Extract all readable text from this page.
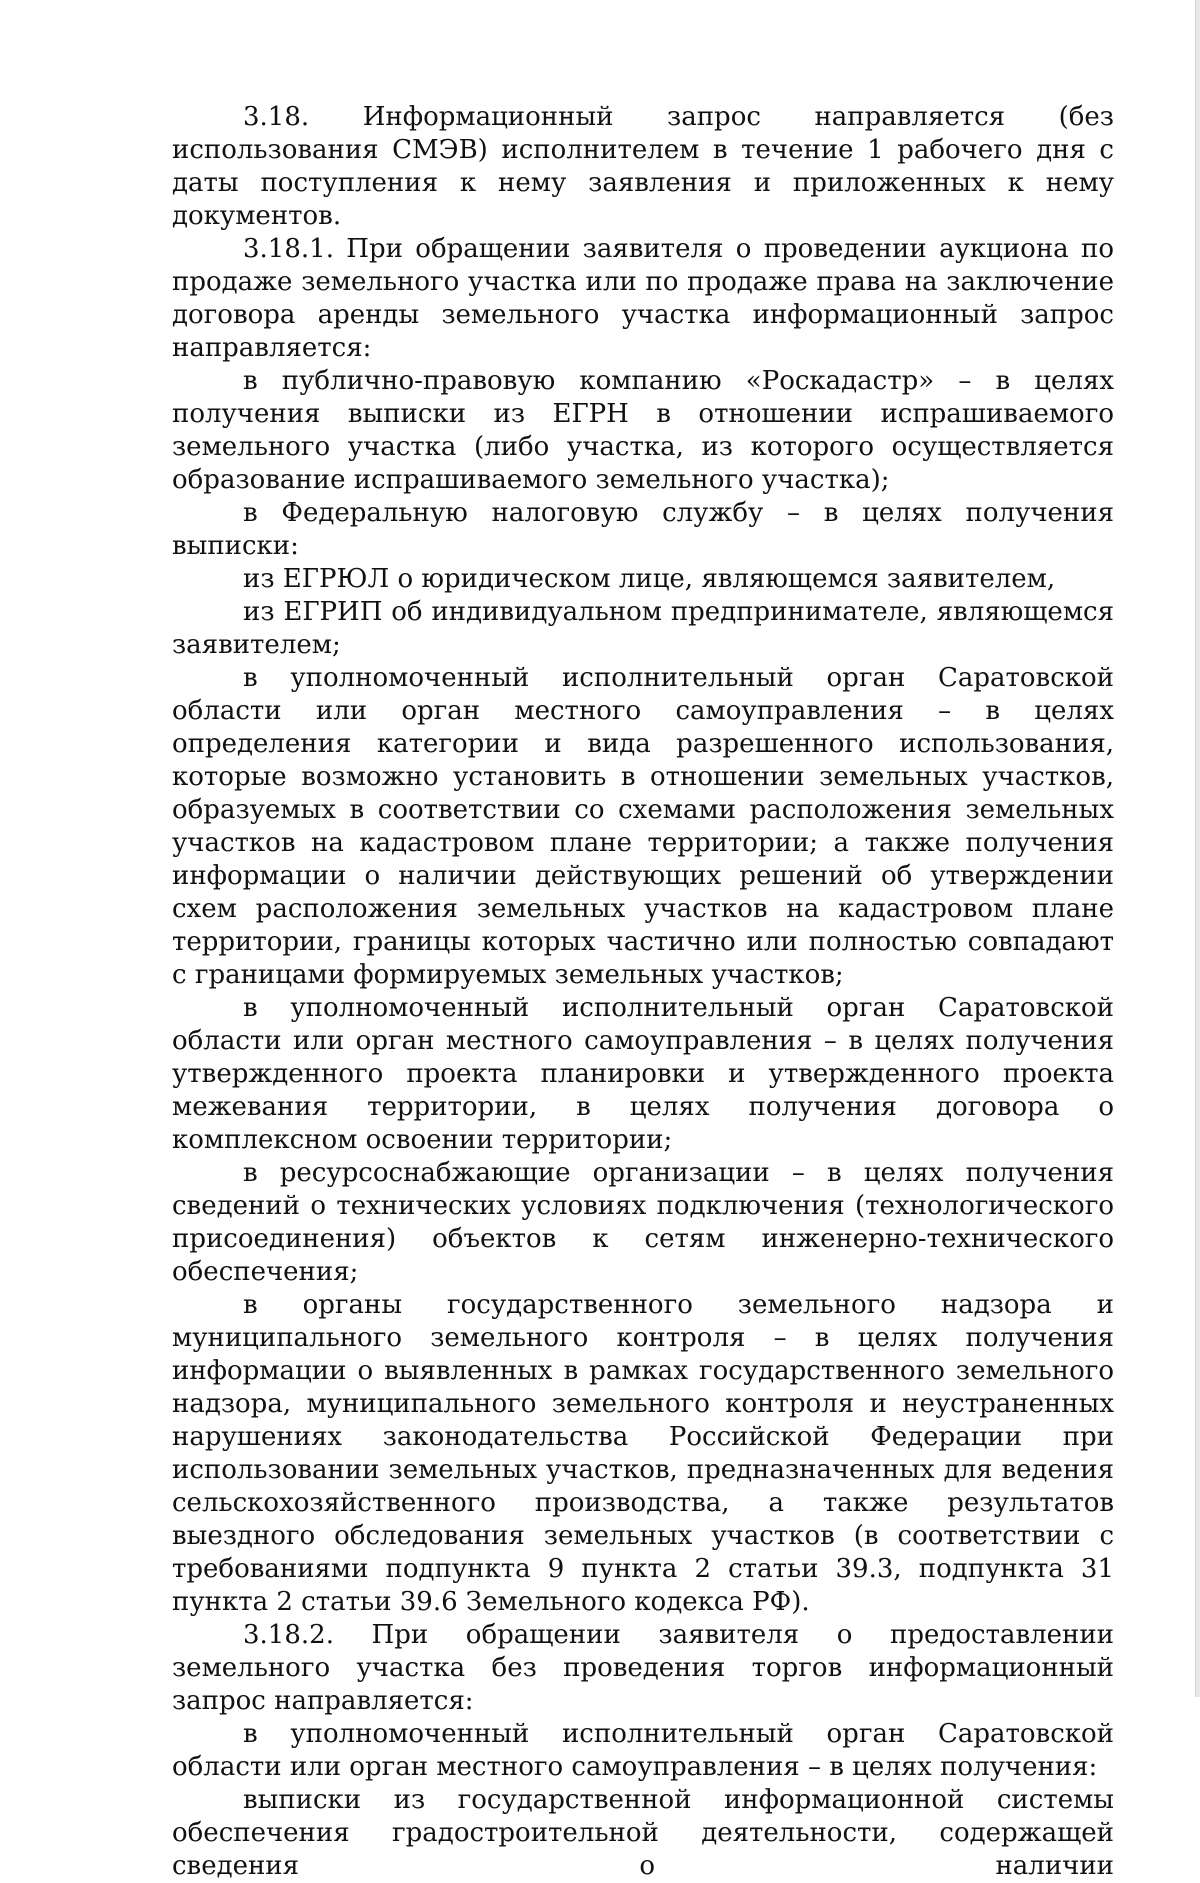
3.18. Информационный запрос направляется (без использования СМЭВ) исполнителем в течение 1 рабочего дня с даты поступления к нему заявления и приложенных к нему документов.

3.18.1. При обращении заявителя о проведении аукциона по продаже земельного участка или по продаже права на заключение договора аренды земельного участка информационный запрос направляется:

в публично-правовую компанию «Роскадастр» – в целях получения выписки из ЕГРН в отношении испрашиваемого земельного участка (либо участка, из которого осуществляется образование испрашиваемого земельного участка);

в Федеральную налоговую службу – в целях получения выписки:

из ЕГРЮЛ о юридическом лице, являющемся заявителем,

из ЕГРИП об индивидуальном предпринимателе, являющемся заявителем;

в уполномоченный исполнительный орган Саратовской области или орган местного самоуправления – в целях определения категории и вида разрешенного использования, которые возможно установить в отношении земельных участков, образуемых в соответствии со схемами расположения земельных участков на кадастровом плане территории; а также получения информации о наличии действующих решений об утверждении схем расположения земельных участков на кадастровом плане территории, границы которых частично или полностью совпадают с границами формируемых земельных участков;

в уполномоченный исполнительный орган Саратовской области или орган местного самоуправления – в целях получения утвержденного проекта планировки и утвержденного проекта межевания территории, в целях получения договора о комплексном освоении территории;

в ресурсоснабжающие организации – в целях получения сведений о технических условиях подключения (технологического присоединения) объектов к сетям инженерно-технического обеспечения;

в органы государственного земельного надзора и муниципального земельного контроля – в целях получения информации о выявленных в рамках государственного земельного надзора, муниципального земельного контроля и неустраненных нарушениях законодательства Российской Федерации при использовании земельных участков, предназначенных для ведения сельскохозяйственного производства, а также результатов выездного обследования земельных участков (в соответствии с требованиями подпункта 9 пункта 2 статьи 39.3, подпункта 31 пункта 2 статьи 39.6 Земельного кодекса РФ).

3.18.2. При обращении заявителя о предоставлении земельного участка без проведения торгов информационный запрос направляется:

в уполномоченный исполнительный орган Саратовской области или орган местного самоуправления – в целях получения:

выписки из государственной информационной системы обеспечения градостроительной деятельности, содержащей сведения о наличии
